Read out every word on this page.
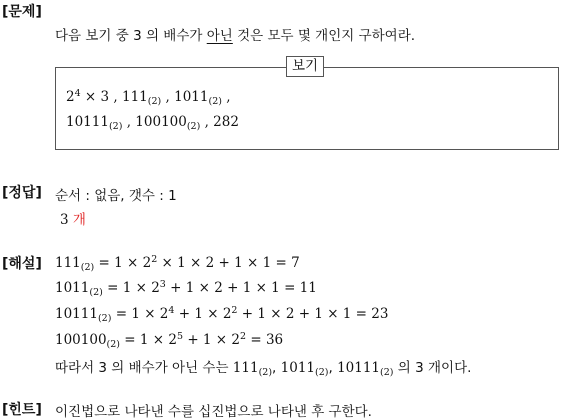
[문제]
다음 보기 중 3 의 배수가 아닌 것은 모두 몇 개인지 구하여라.
보기
$2^4 \times 3$ , $111_{(2)}$ , $1011_{(2)}$ ,
$10111_{(2)}$ , $100100_{(2)}$ , 282
[정답] 순서 : 없음, 갯수 : 1
3 개
[해설] $111_{(2)} = 1 \times 2^2 \times 1 \times 2 + 1 \times 1 = 7$
$1011_{(2)} = 1 \times 2^3 + 1 \times 2 + 1 \times 1 = 11$
$10111_{(2)} = 1 \times 2^4 + 1 \times 2^2 + 1 \times 2 + 1 \times 1 = 23$
$100100_{(2)} = 1 \times 2^5 + 1 \times 2^2 = 36$
따라서 3 의 배수가 아닌 수는 $111_{(2)}$, $1011_{(2)}$, $10111_{(2)}$ 의 3 개이다.
[힌트] 이진법으로 나타낸 수를 십진법으로 나타낸 후 구한다.
